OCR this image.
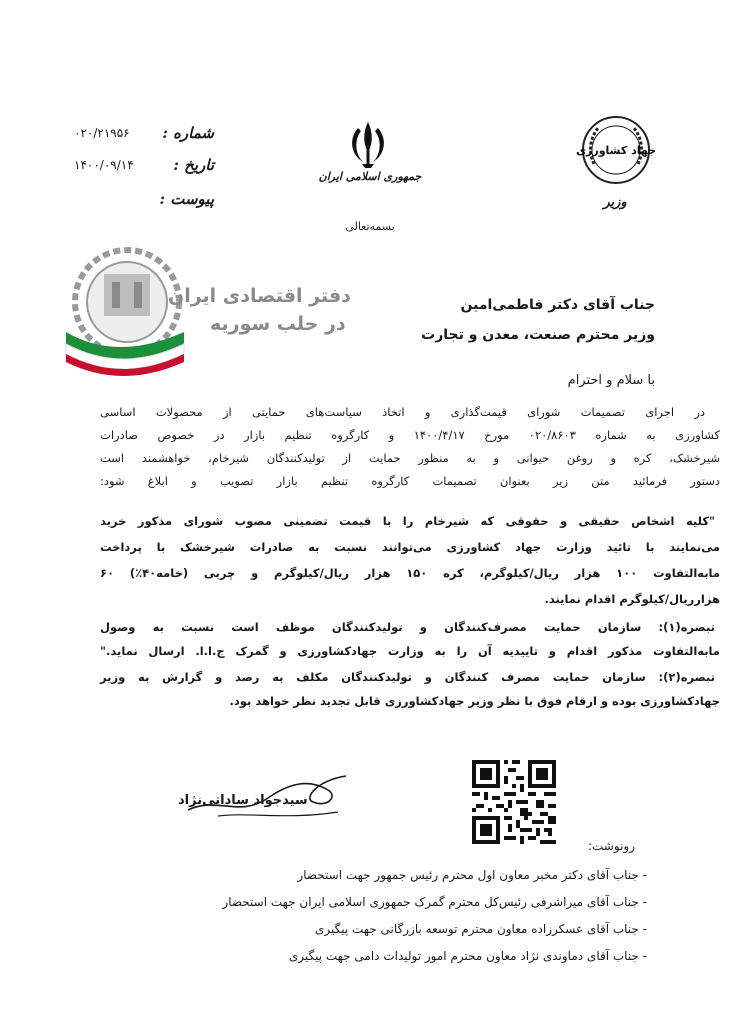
شماره :
۰۲۰/۲۱۹۵۶
تاریخ :
۱۴۰۰/۰۹/۱۴
پیوست :
جمهوری اسلامی ایران
بسمه‌تعالی
جهاد کشاورزی
وزیر
دفتر اقتصادی ایران
در حلب سوریه
جناب آقای دکتر فاطمی‌امین
وزیر محترم صنعت، معدن و تجارت
با سلام و احترام
در اجرای تصمیمات شورای قیمت‌گذاری و اتخاذ سیاست‌های حمایتی از محصولات اساسی
کشاورزی به شماره ۰۲۰/۸۶۰۳ مورخ ۱۴۰۰/۴/۱۷ و کارگروه تنظیم بازار در خصوص صادرات
شیرخشک، کره و روغن حیوانی و به منظور حمایت از تولیدکنندگان شیرخام، خواهشمند است
دستور فرمائید متن زیر بعنوان تصمیمات کارگروه تنظیم بازار تصویب و ابلاغ شود:
"کلیه اشخاص حقیقی و حقوقی که شیرخام را با قیمت تضمینی مصوب شورای مذکور خرید
می‌نمایند با تائید وزارت جهاد کشاورزی می‌توانند نسبت به صادرات شیرخشک با پرداخت
مابه‌التفاوت ۱۰۰ هزار ریال/کیلوگرم، کره ۱۵۰ هزار ریال/کیلوگرم و چربی (خامه۴۰٪) ۶۰
هزارریال/کیلوگرم اقدام نمایند.
تبصره(۱): سازمان حمایت مصرف‌کنندگان و تولیدکنندگان موظف است نسبت به وصول
مابه‌التفاوت مذکور اقدام و تاییدیه آن را به وزارت جهادکشاورزی و گمرک ج.ا.ا. ارسال نماید."
تبصره(۲): سازمان حمایت مصرف کنندگان و تولیدکنندگان مکلف به رصد و گزارش به وزیر
جهادکشاورزی بوده و ارقام فوق با نظر وزیر جهادکشاورزی قابل تجدید نظر خواهد بود.
سیدجواد ساداتی‌نژاد
رونوشت:
- جناب آقای دکتر مخبر معاون اول محترم رئیس جمهور جهت استحضار
- جناب آقای میراشرفی رئیس‌کل محترم گمرک جمهوری اسلامی ایران جهت استحضار
- جناب آقای عسکرزاده معاون محترم توسعه بازرگانی جهت پیگیری
- جناب آقای دماوندی نژاد معاون محترم امور تولیدات دامی جهت پیگیری
